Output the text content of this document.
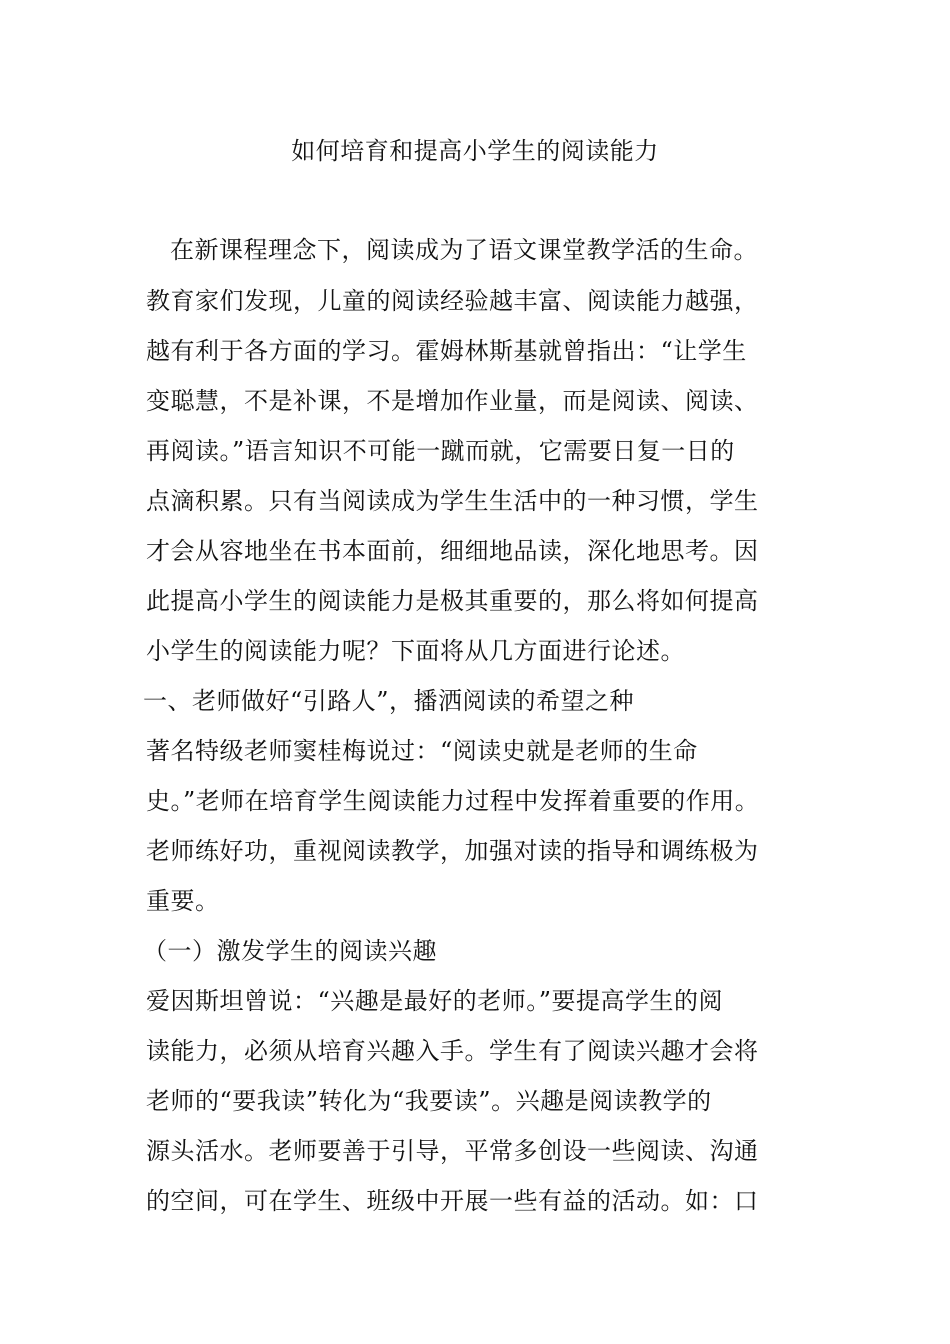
如何培育和提高小学生的阅读能力
在新课程理念下，阅读成为了语文课堂教学活的生命。
教育家们发现，儿童的阅读经验越丰富、阅读能力越强，
越有利于各方面的学习。霍姆林斯基就曾指出：“让学生
变聪慧，不是补课，不是增加作业量，而是阅读、阅读、
再阅读。”语言知识不可能一蹴而就，它需要日复一日的
点滴积累。只有当阅读成为学生生活中的一种习惯，学生
才会从容地坐在书本面前，细细地品读，深化地思考。因
此提高小学生的阅读能力是极其重要的，那么将如何提高
小学生的阅读能力呢？下面将从几方面进行论述。
一、老师做好“引路人”，播洒阅读的希望之种
著名特级老师窦桂梅说过：“阅读史就是老师的生命
史。”老师在培育学生阅读能力过程中发挥着重要的作用。
老师练好功，重视阅读教学，加强对读的指导和调练极为
重要。
（一）激发学生的阅读兴趣
爱因斯坦曾说：“兴趣是最好的老师。”要提高学生的阅
读能力，必须从培育兴趣入手。学生有了阅读兴趣才会将
老师的“要我读”转化为“我要读”。兴趣是阅读教学的
源头活水。老师要善于引导，平常多创设一些阅读、沟通
的空间，可在学生、班级中开展一些有益的活动。如：口
